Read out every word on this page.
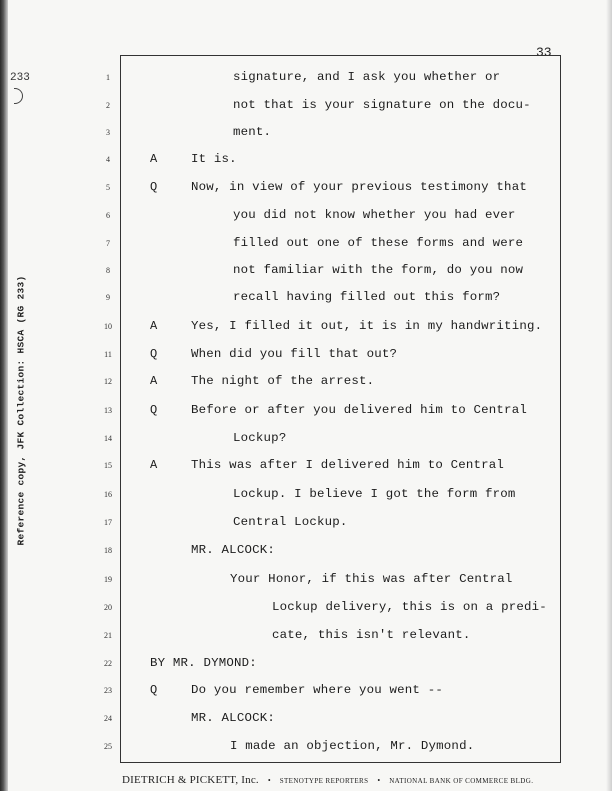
233
Reference copy, JFK Collection: HSCA (RG 233)
33
1	signature, and I ask you whether or
2	not that is your signature on the docu-
3	ment.
4	A	It is.
5	Q	Now, in view of your previous testimony that
6	you did not know whether you had ever
7	filled out one of these forms and were
8	not familiar with the form, do you now
9	recall having filled out this form?
10	A	Yes, I filled it out, it is in my handwriting.
11	Q	When did you fill that out?
12	A	The night of the arrest.
13	Q	Before or after you delivered him to Central
14	Lockup?
15	A	This was after I delivered him to Central
16	Lockup. I believe I got the form from
17	Central Lockup.
18	MR. ALCOCK:
19	Your Honor, if this was after Central
20	Lockup delivery, this is on a predi-
21	cate, this isn't relevant.
22	BY MR. DYMOND:
23	Q	Do you remember where you went --
24	MR. ALCOCK:
25	I made an objection, Mr. Dymond.
DIETRICH & PICKETT, Inc. • STENOTYPE REPORTERS • NATIONAL BANK OF COMMERCE BLDG.
